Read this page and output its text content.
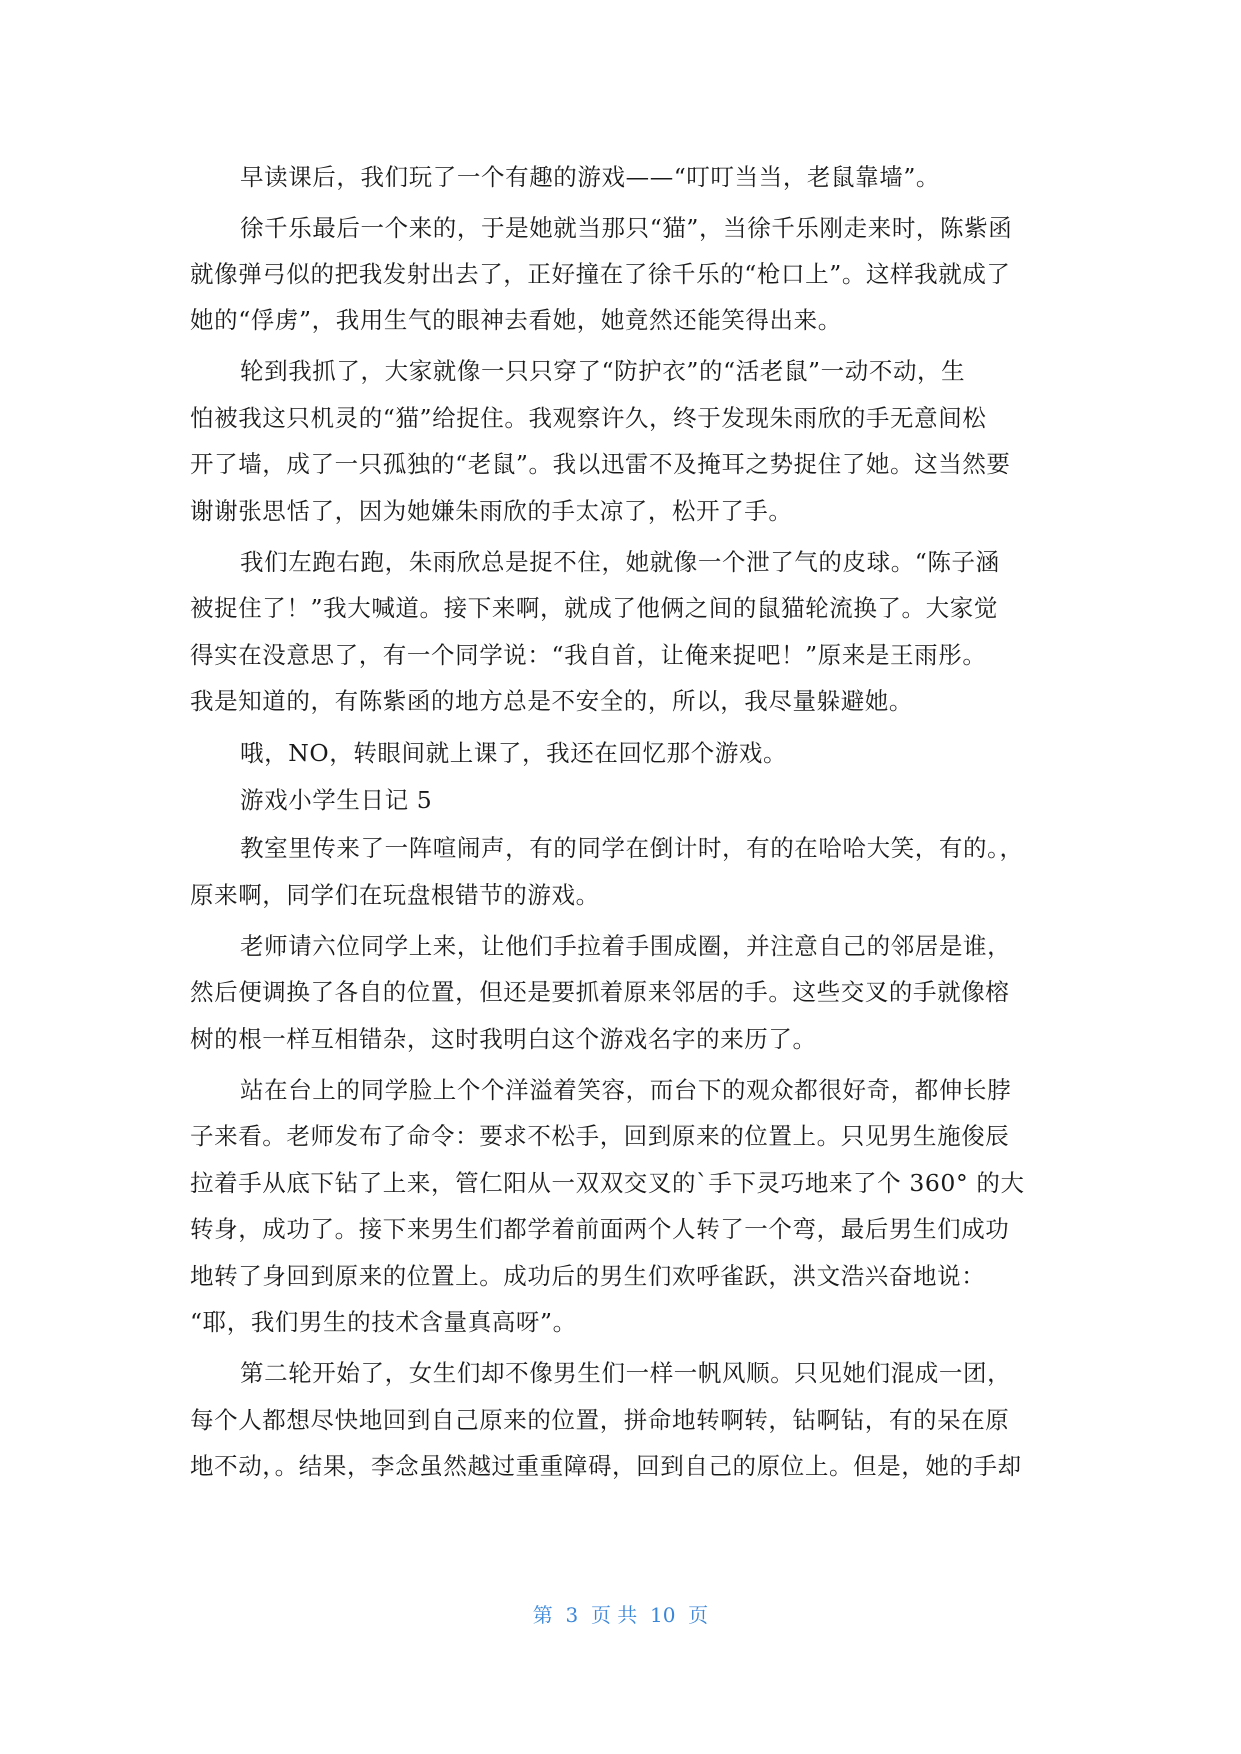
早读课后，我们玩了一个有趣的游戏——“叮叮当当，老鼠靠墙”。
徐千乐最后一个来的，于是她就当那只“猫”，当徐千乐刚走来时，陈紫函
就像弹弓似的把我发射出去了，正好撞在了徐千乐的“枪口上”。这样我就成了
她的“俘虏”，我用生气的眼神去看她，她竟然还能笑得出来。
轮到我抓了，大家就像一只只穿了“防护衣”的“活老鼠”一动不动，生
怕被我这只机灵的“猫”给捉住。我观察许久，终于发现朱雨欣的手无意间松
开了墙，成了一只孤独的“老鼠”。我以迅雷不及掩耳之势捉住了她。这当然要
谢谢张思恬了，因为她嫌朱雨欣的手太凉了，松开了手。
我们左跑右跑，朱雨欣总是捉不住，她就像一个泄了气的皮球。“陈子涵
被捉住了！”我大喊道。接下来啊，就成了他俩之间的鼠猫轮流换了。大家觉
得实在没意思了，有一个同学说：“我自首，让俺来捉吧！”原来是王雨彤。
我是知道的，有陈紫函的地方总是不安全的，所以，我尽量躲避她。
哦，NO，转眼间就上课了，我还在回忆那个游戏。
游戏小学生日记 5
教室里传来了一阵喧闹声，有的同学在倒计时，有的在哈哈大笑，有的。，
原来啊，同学们在玩盘根错节的游戏。
老师请六位同学上来，让他们手拉着手围成圈，并注意自己的邻居是谁，
然后便调换了各自的位置，但还是要抓着原来邻居的手。这些交叉的手就像榕
树的根一样互相错杂，这时我明白这个游戏名字的来历了。
站在台上的同学脸上个个洋溢着笑容，而台下的观众都很好奇，都伸长脖
子来看。老师发布了命令：要求不松手，回到原来的位置上。只见男生施俊辰
拉着手从底下钻了上来，管仁阳从一双双交叉的`手下灵巧地来了个 360° 的大
转身，成功了。接下来男生们都学着前面两个人转了一个弯，最后男生们成功
地转了身回到原来的位置上。成功后的男生们欢呼雀跃，洪文浩兴奋地说：
“耶，我们男生的技术含量真高呀”。
第二轮开始了，女生们却不像男生们一样一帆风顺。只见她们混成一团，
每个人都想尽快地回到自己原来的位置，拼命地转啊转，钻啊钻，有的呆在原
地不动，。结果，李念虽然越过重重障碍，回到自己的原位上。但是，她的手却
第  3  页 共  10  页
